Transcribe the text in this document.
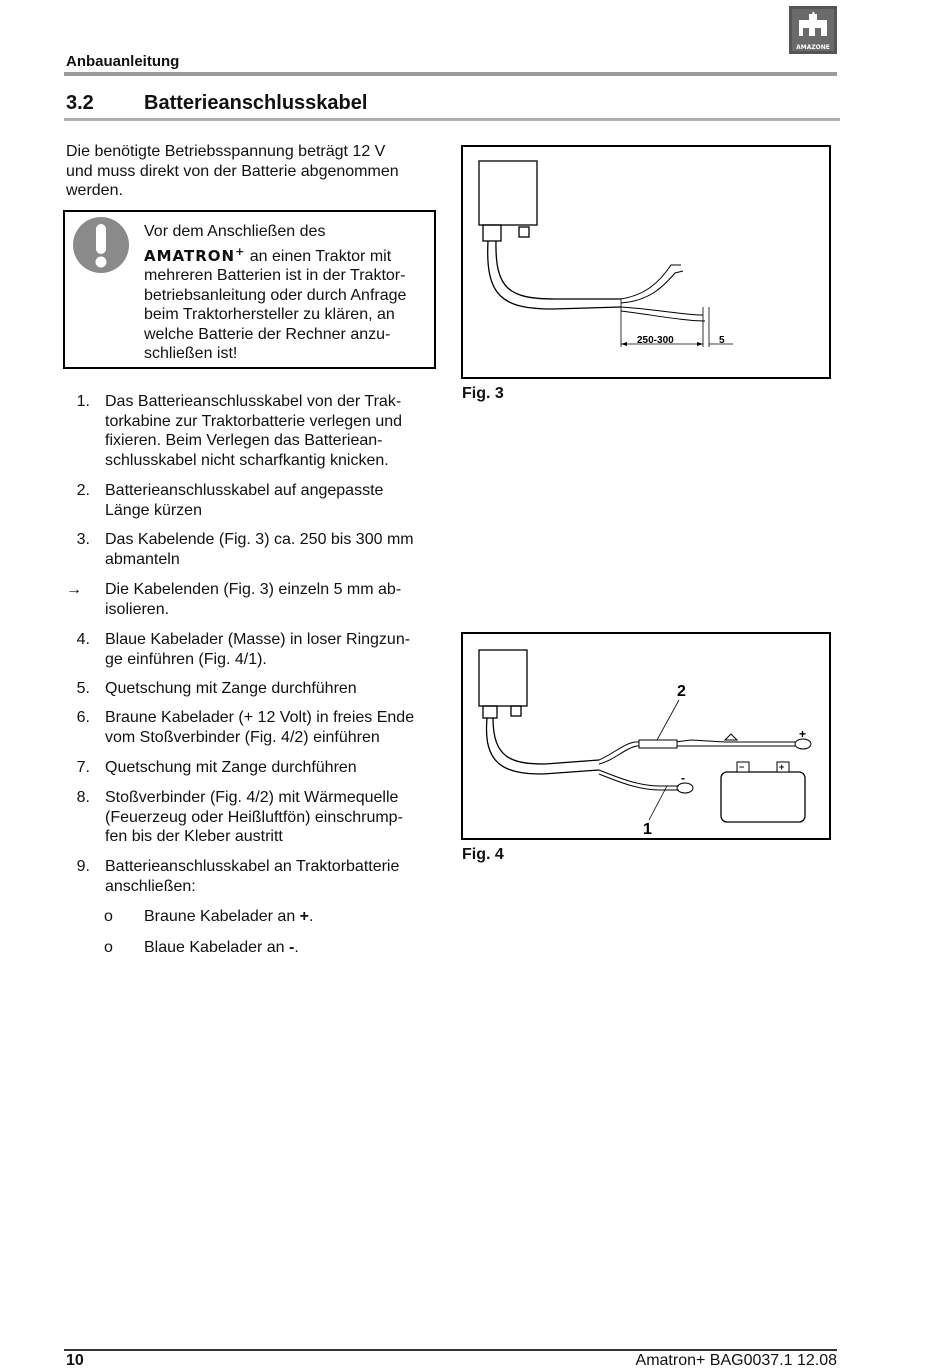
Anbauanleitung
AMAZONE
3.2	Batterieanschlusskabel
Die benötigte Betriebsspannung beträgt 12 V
und muss direkt von der Batterie abgenommen
werden.
Vor dem Anschließen des
AMATRON+ an einen Traktor mit
mehreren Batterien ist in der Traktor-
betriebsanleitung oder durch Anfrage
beim Traktorhersteller zu klären, an
welche Batterie der Rechner anzu-
schließen ist!
1. Das Batterieanschlusskabel von der Trak-
torkabine zur Traktorbatterie verlegen und
fixieren. Beim Verlegen das Batteriean-
schlusskabel nicht scharfkantig knicken.
2. Batterieanschlusskabel auf angepasste
Länge kürzen
3. Das Kabelende (Fig. 3) ca. 250 bis 300 mm
abmanteln
→ Die Kabelenden (Fig. 3) einzeln 5 mm ab-
isolieren.
4. Blaue Kabelader (Masse) in loser Ringzun-
ge einführen (Fig. 4/1).
5. Quetschung mit Zange durchführen
6. Braune Kabelader (+ 12 Volt) in freies Ende
vom Stoßverbinder (Fig. 4/2) einführen
7. Quetschung mit Zange durchführen
8. Stoßverbinder (Fig. 4/2) mit Wärmequelle
(Feuerzeug oder Heißluftfön) einschrump-
fen bis der Kleber austritt
9. Batterieanschlusskabel an Traktorbatterie
anschließen:
ο Braune Kabelader an +.
ο Blaue Kabelader an -.
250-300	5
Fig. 3
−	+
+
-
2
1
Fig. 4
10	Amatron+ BAG0037.1 12.08
